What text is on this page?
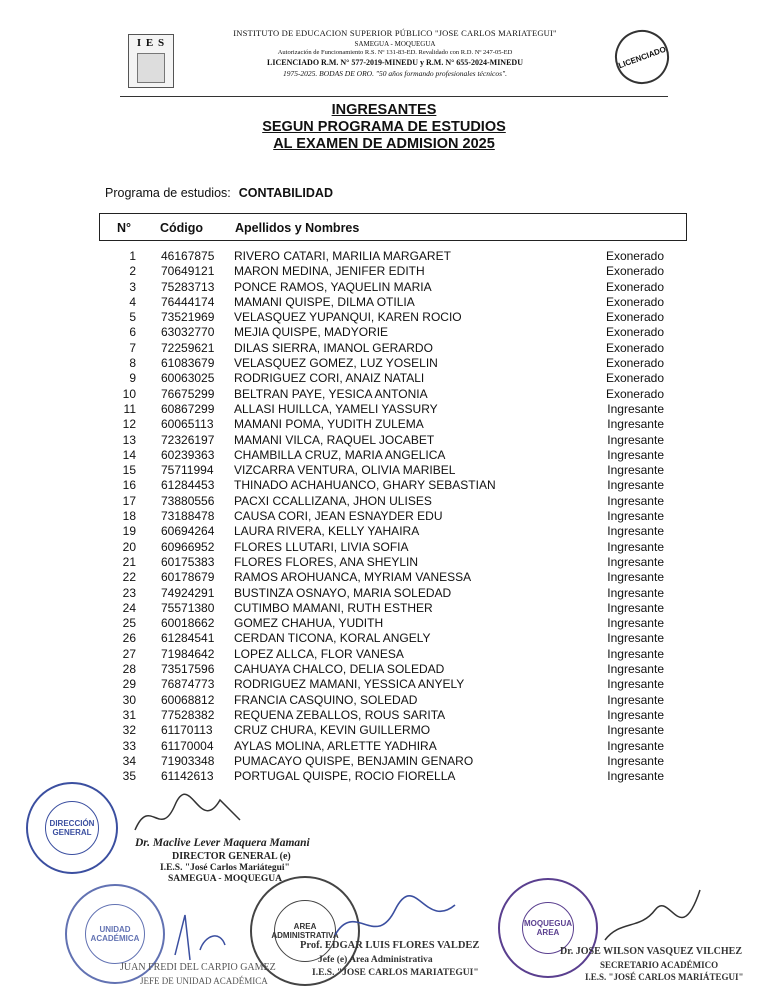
I E S
INSTITUTO DE EDUCACION SUPERIOR PÚBLICO "JOSE CARLOS MARIATEGUI"
SAMEGUA - MOQUEGUA
Autorización de Funcionamiento R.S. Nº 131-83-ED. Revalidado con R.D. Nº 247-05-ED
LICENCIADO R.M. N° 577-2019-MINEDU y R.M. N° 655-2024-MINEDU
1975-2025. BODAS DE ORO. "50 años formando profesionales técnicos".
LICENCIADO
INGRESANTES
SEGUN PROGRAMA DE ESTUDIOS
AL EXAMEN DE ADMISION 2025
Programa de estudios: CONTABILIDAD
N° Código	Apellidos y Nombres
1 46167875 RIVERO CATARI, MARILIA MARGARET	Exonerado
2 70649121 MARON MEDINA, JENIFER EDITH	Exonerado
3 75283713 PONCE RAMOS, YAQUELIN MARIA	Exonerado
4 76444174 MAMANI QUISPE, DILMA OTILIA	Exonerado
5 73521969 VELASQUEZ YUPANQUI, KAREN ROCIO	Exonerado
6 63032770 MEJIA QUISPE, MADYORIE	Exonerado
7 72259621 DILAS SIERRA, IMANOL GERARDO	Exonerado
8 61083679 VELASQUEZ GOMEZ, LUZ YOSELIN	Exonerado
9 60063025 RODRIGUEZ CORI, ANAIZ NATALI	Exonerado
10 76675299 BELTRAN PAYE, YESICA ANTONIA	Exonerado
11 60867299 ALLASI HUILLCA, YAMELI YASSURY	Ingresante
12 60065113 MAMANI POMA, YUDITH ZULEMA	Ingresante
13 72326197 MAMANI VILCA, RAQUEL JOCABET	Ingresante
14 60239363 CHAMBILLA CRUZ, MARIA ANGELICA	Ingresante
15 75711994 VIZCARRA VENTURA, OLIVIA MARIBEL	Ingresante
16 61284453 THINADO ACHAHUANCO, GHARY SEBASTIAN	Ingresante
17 73880556 PACXI CCALLIZANA, JHON ULISES	Ingresante
18 73188478 CAUSA CORI, JEAN ESNAYDER EDU	Ingresante
19 60694264 LAURA RIVERA, KELLY YAHAIRA	Ingresante
20 60966952 FLORES LLUTARI, LIVIA SOFIA	Ingresante
21 60175383 FLORES FLORES, ANA SHEYLIN	Ingresante
22 60178679 RAMOS AROHUANCA, MYRIAM VANESSA	Ingresante
23 74924291 BUSTINZA OSNAYO, MARIA SOLEDAD	Ingresante
24 75571380 CUTIMBO MAMANI, RUTH ESTHER	Ingresante
25 60018662 GOMEZ CHAHUA, YUDITH	Ingresante
26 61284541 CERDAN TICONA, KORAL ANGELY	Ingresante
27 71984642 LOPEZ ALLCA, FLOR VANESA	Ingresante
28 73517596 CAHUAYA CHALCO, DELIA SOLEDAD	Ingresante
29 76874773 RODRIGUEZ MAMANI, YESSICA ANYELY	Ingresante
30 60068812 FRANCIA CASQUINO, SOLEDAD	Ingresante
31 77528382 REQUENA ZEBALLOS, ROUS SARITA	Ingresante
32 61170113 CRUZ CHURA, KEVIN GUILLERMO	Ingresante
33 61170004 AYLAS MOLINA, ARLETTE YADHIRA	Ingresante
34 71903348 PUMACAYO QUISPE, BENJAMIN GENARO	Ingresante
35 61142613 PORTUGAL QUISPE, ROCIO FIORELLA	Ingresante
DIRECCIÓN GENERAL
Dr. Maclive Lever Maquera Mamani
DIRECTOR GENERAL (e)
I.E.S. "José Carlos Mariátegui"
SAMEGUA - MOQUEGUA
UNIDAD ACADÉMICA
JUAN FREDI DEL CARPIO GAMEZ
JEFE DE UNIDAD ACADÉMICA
AREA ADMINISTRATIVA
Prof. EDGAR LUIS FLORES VALDEZ
Jefe (e) Area Administrativa
I.E.S. "JOSE CARLOS MARIATEGUI"
MOQUEGUA AREA
Dr. JOSE WILSON VASQUEZ VILCHEZ
SECRETARIO ACADÉMICO
I.E.S. "JOSÉ CARLOS MARIÁTEGUI"
